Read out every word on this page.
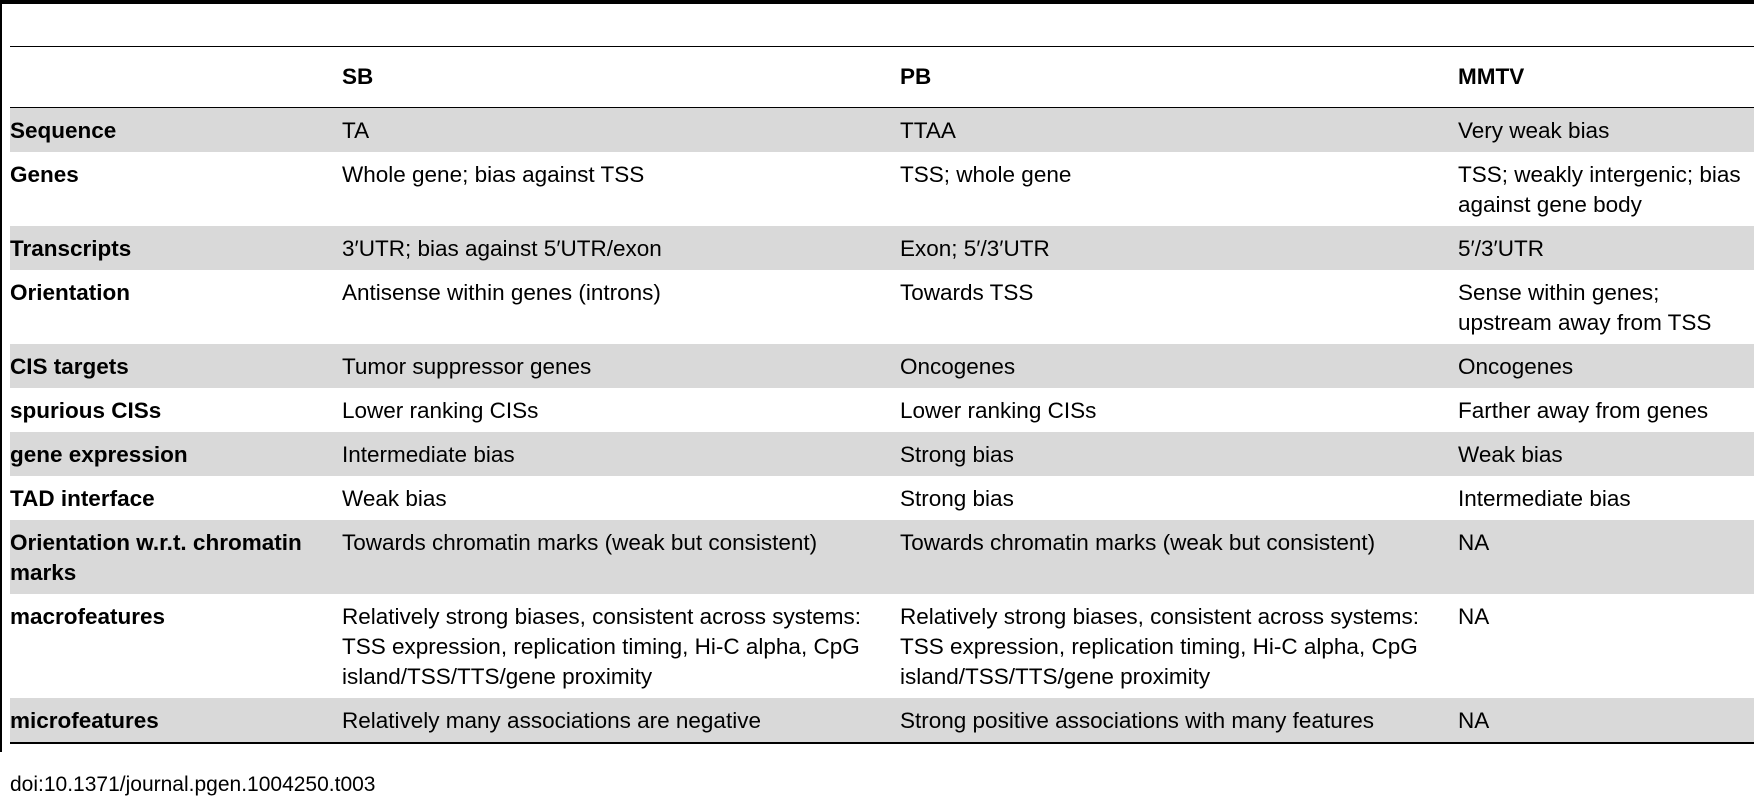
	SB	PB	MMTV
Sequence	TA	TTAA	Very weak bias
Genes	Whole gene; bias against TSS	TSS; whole gene	TSS; weakly intergenic; bias against gene body
Transcripts	3′UTR; bias against 5′UTR/exon	Exon; 5′/3′UTR	5′/3′UTR
Orientation	Antisense within genes (introns)	Towards TSS	Sense within genes; upstream away from TSS
CIS targets	Tumor suppressor genes	Oncogenes	Oncogenes
spurious CISs	Lower ranking CISs	Lower ranking CISs	Farther away from genes
gene expression	Intermediate bias	Strong bias	Weak bias
TAD interface	Weak bias	Strong bias	Intermediate bias
Orientation w.r.t. chromatin marks	Towards chromatin marks (weak but consistent)	Towards chromatin marks (weak but consistent)	NA
macrofeatures	Relatively strong biases, consistent across systems: TSS expression, replication timing, Hi-C alpha, CpG island/TSS/TTS/gene proximity	Relatively strong biases, consistent across systems: TSS expression, replication timing, Hi-C alpha, CpG island/TSS/TTS/gene proximity	NA
microfeatures	Relatively many associations are negative	Strong positive associations with many features	NA
doi:10.1371/journal.pgen.1004250.t003
